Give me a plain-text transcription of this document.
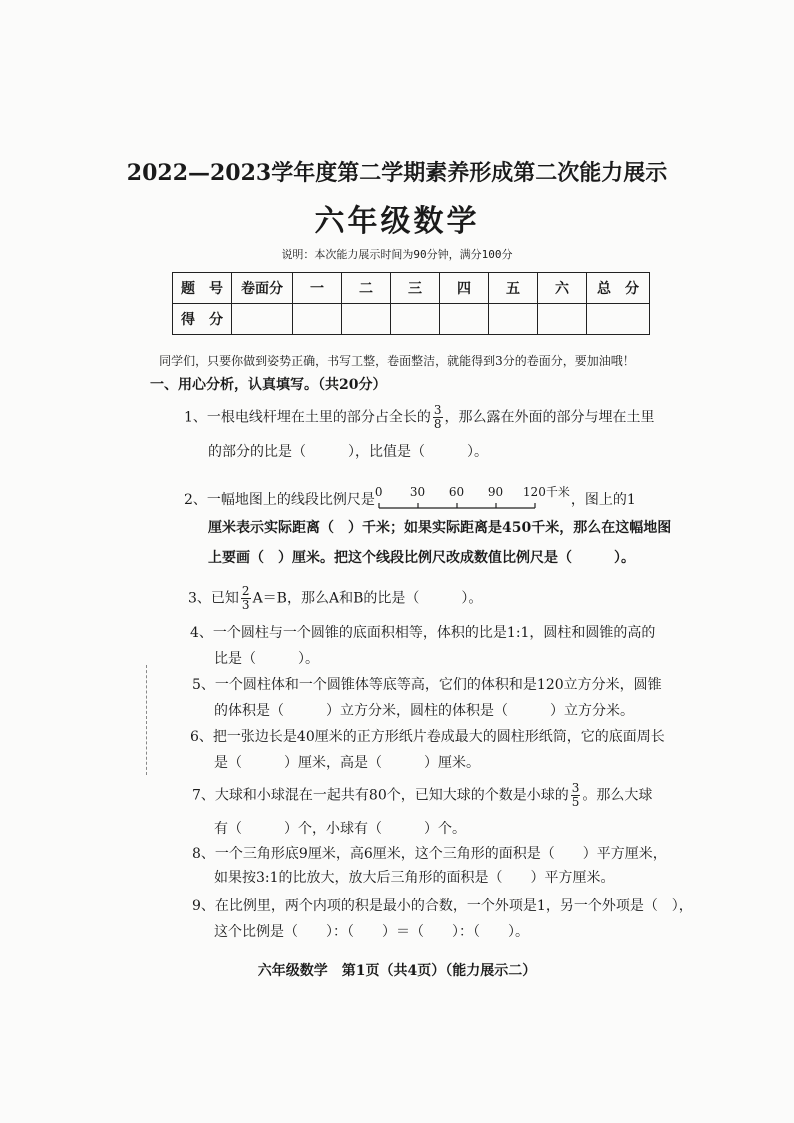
2022—2023学年度第二学期素养形成第二次能力展示
六年级数学
说明：本次能力展示时间为90分钟，满分100分
题　号	卷面分	一	二	三	四	五	六	总　分
得　分								
同学们，只要你做到姿势正确，书写工整，卷面整洁，就能得到3分的卷面分，要加油哦！
一、用心分析，认真填写。（共20分）
1、一根电线杆埋在土里的部分占全长的 $\frac{3}{8}$ ，那么露在外面的部分与埋在土里
的部分的比是（　　　），比值是（　　　）。
2、一幅地图上的线段比例尺是 0 30 60 90 120千米 ，图上的1
厘米表示实际距离（　）千米；如果实际距离是450千米，那么在这幅地图
上要画（　）厘米。把这个线段比例尺改成数值比例尺是（　　　）。
3、已知 $\frac{2}{3} A=B$，那么A和B的比是（　　　）。
4、一个圆柱与一个圆锥的底面积相等，体积的比是1:1，圆柱和圆锥的高的
比是（　　　）。
5、一个圆柱体和一个圆锥体等底等高，它们的体积和是120立方分米，圆锥
的体积是（　　　）立方分米，圆柱的体积是（　　　）立方分米。
6、把一张边长是40厘米的正方形纸片卷成最大的圆柱形纸筒，它的底面周长
是（　　　）厘米，高是（　　　）厘米。
7、大球和小球混在一起共有80个，已知大球的个数是小球的 $\frac{3}{5}$ 。那么大球
有（　　　）个，小球有（　　　）个。
8、一个三角形底9厘米，高6厘米，这个三角形的面积是（　　）平方厘米，
如果按3:1的比放大，放大后三角形的面积是（　　）平方厘米。
9、在比例里，两个内项的积是最小的合数，一个外项是1，另一个外项是（　），
这个比例是（　　）：（　　）＝（　　）：（　　）。
六年级数学　第1页（共4页）（能力展示二）
